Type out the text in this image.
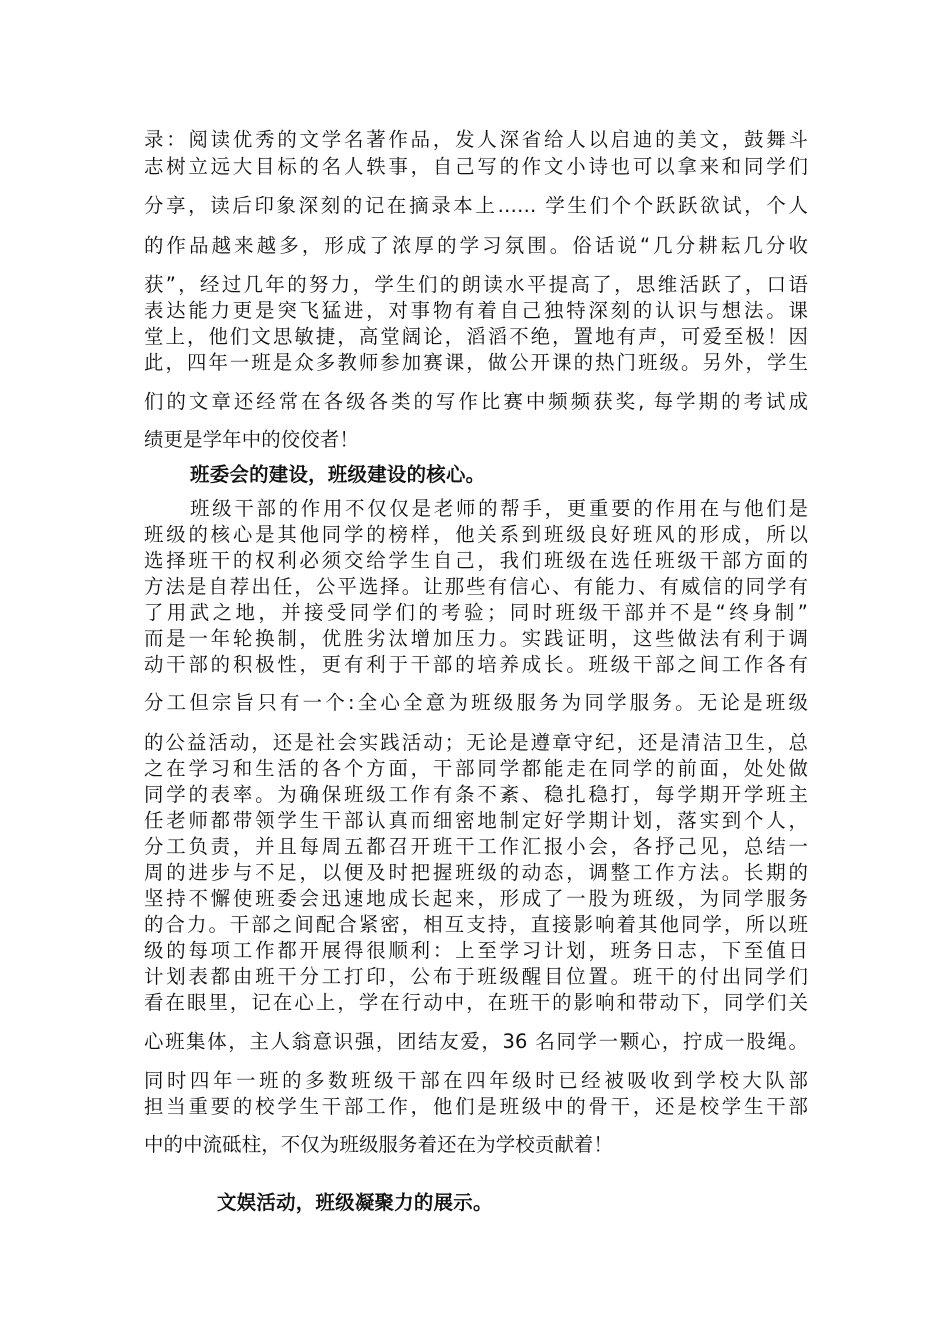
录：阅读优秀的文学名著作品，发人深省给人以启迪的美文，鼓舞斗
志树立远大目标的名人轶事，自己写的作文小诗也可以拿来和同学们
分享，读后印象深刻的记在摘录本上…… 学生们个个跃跃欲试，个人
的作品越来越多，形成了浓厚的学习氛围。俗话说“几分耕耘几分收
获”，经过几年的努力，学生们的朗读水平提高了，思维活跃了，口语
表达能力更是突飞猛进，对事物有着自己独特深刻的认识与想法。课
堂上，他们文思敏捷，高堂阔论，滔滔不绝，置地有声，可爱至极！因
此，四年一班是众多教师参加赛课，做公开课的热门班级。另外，学生
们的文章还经常在各级各类的写作比赛中频频获奖, 每学期的考试成
绩更是学年中的佼佼者！
班委会的建设，班级建设的核心。
班级干部的作用不仅仅是老师的帮手，更重要的作用在与他们是
班级的核心是其他同学的榜样，他关系到班级良好班风的形成，所以
选择班干的权利必须交给学生自己，我们班级在选任班级干部方面的
方法是自荐出任，公平选择。让那些有信心、有能力、有威信的同学有
了用武之地，并接受同学们的考验；同时班级干部并不是“终身制”
而是一年轮换制，优胜劣汰增加压力。实践证明，这些做法有利于调
动干部的积极性，更有利于干部的培养成长。班级干部之间工作各有
分工但宗旨只有一个:全心全意为班级服务为同学服务。无论是班级
的公益活动，还是社会实践活动；无论是遵章守纪，还是清洁卫生，总
之在学习和生活的各个方面，干部同学都能走在同学的前面，处处做
同学的表率。为确保班级工作有条不紊、稳扎稳打，每学期开学班主
任老师都带领学生干部认真而细密地制定好学期计划，落实到个人，
分工负责，并且每周五都召开班干工作汇报小会，各抒己见，总结一
周的进步与不足，以便及时把握班级的动态，调整工作方法。长期的
坚持不懈使班委会迅速地成长起来，形成了一股为班级，为同学服务
的合力。干部之间配合紧密，相互支持，直接影响着其他同学，所以班
级的每项工作都开展得很顺利：上至学习计划，班务日志，下至值日
计划表都由班干分工打印，公布于班级醒目位置。班干的付出同学们
看在眼里，记在心上，学在行动中，在班干的影响和带动下，同学们关
心班集体，主人翁意识强，团结友爱，36 名同学一颗心，拧成一股绳。
同时四年一班的多数班级干部在四年级时已经被吸收到学校大队部
担当重要的校学生干部工作，他们是班级中的骨干，还是校学生干部
中的中流砥柱，不仅为班级服务着还在为学校贡献着！
文娱活动，班级凝聚力的展示。
